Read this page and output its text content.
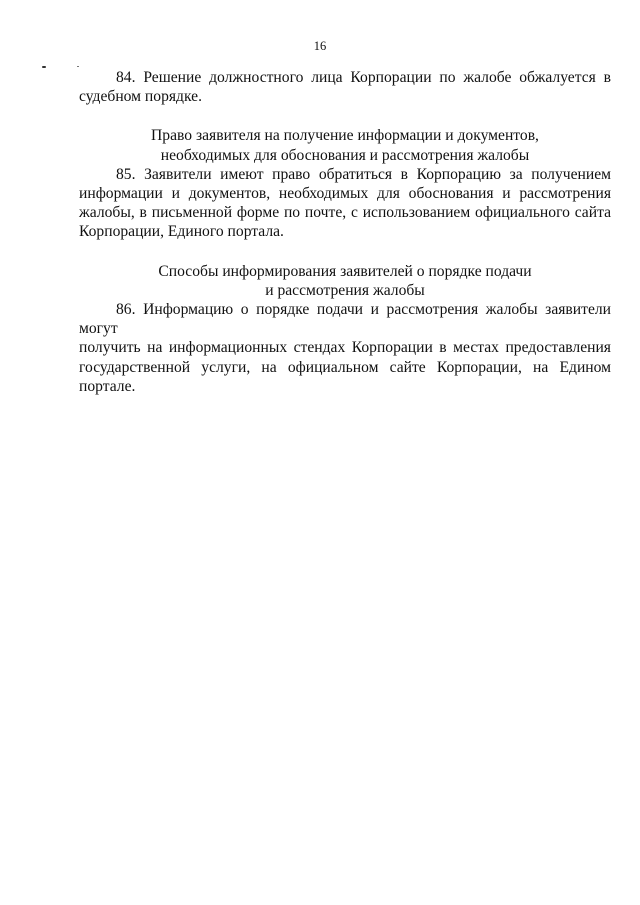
16
84. Решение должностного лица Корпорации по жалобе обжалуется в
судебном порядке.
Право заявителя на получение информации и документов,
необходимых для обоснования и рассмотрения жалобы
85. Заявители имеют право обратиться в Корпорацию за получением
информации и документов, необходимых для обоснования и рассмотрения
жалобы, в письменной форме по почте, с использованием официального сайта
Корпорации, Единого портала.
Способы информирования заявителей о порядке подачи
и рассмотрения жалобы
86. Информацию о порядке подачи и рассмотрения жалобы заявители могут
получить на информационных стендах Корпорации в местах предоставления
государственной услуги, на официальном сайте Корпорации, на Едином портале.
